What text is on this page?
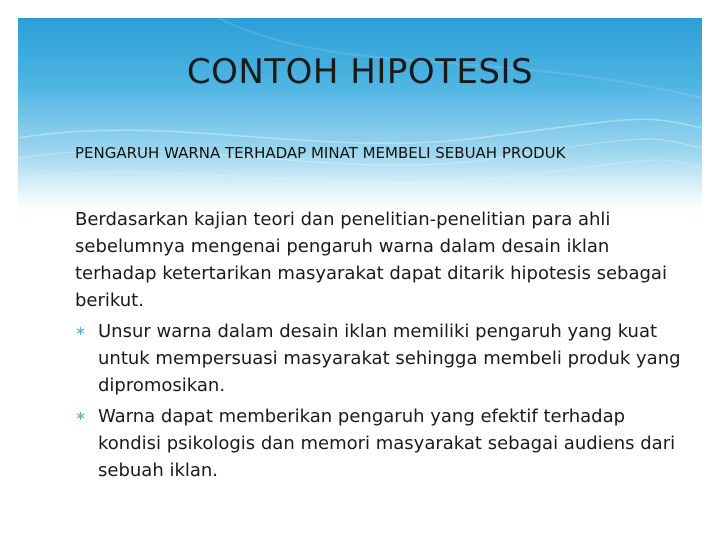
CONTOH HIPOTESIS
PENGARUH WARNA TERHADAP MINAT MEMBELI SEBUAH PRODUK

Berdasarkan kajian teori dan penelitian-penelitian para ahli sebelumnya mengenai pengaruh warna dalam desain iklan terhadap ketertarikan masyarakat dapat ditarik hipotesis sebagai berikut.

∗ Unsur warna dalam desain iklan memiliki pengaruh yang kuat untuk mempersuasi masyarakat sehingga membeli produk yang dipromosikan.
∗ Warna dapat memberikan pengaruh yang efektif terhadap kondisi psikologis dan memori masyarakat sebagai audiens dari sebuah iklan.
